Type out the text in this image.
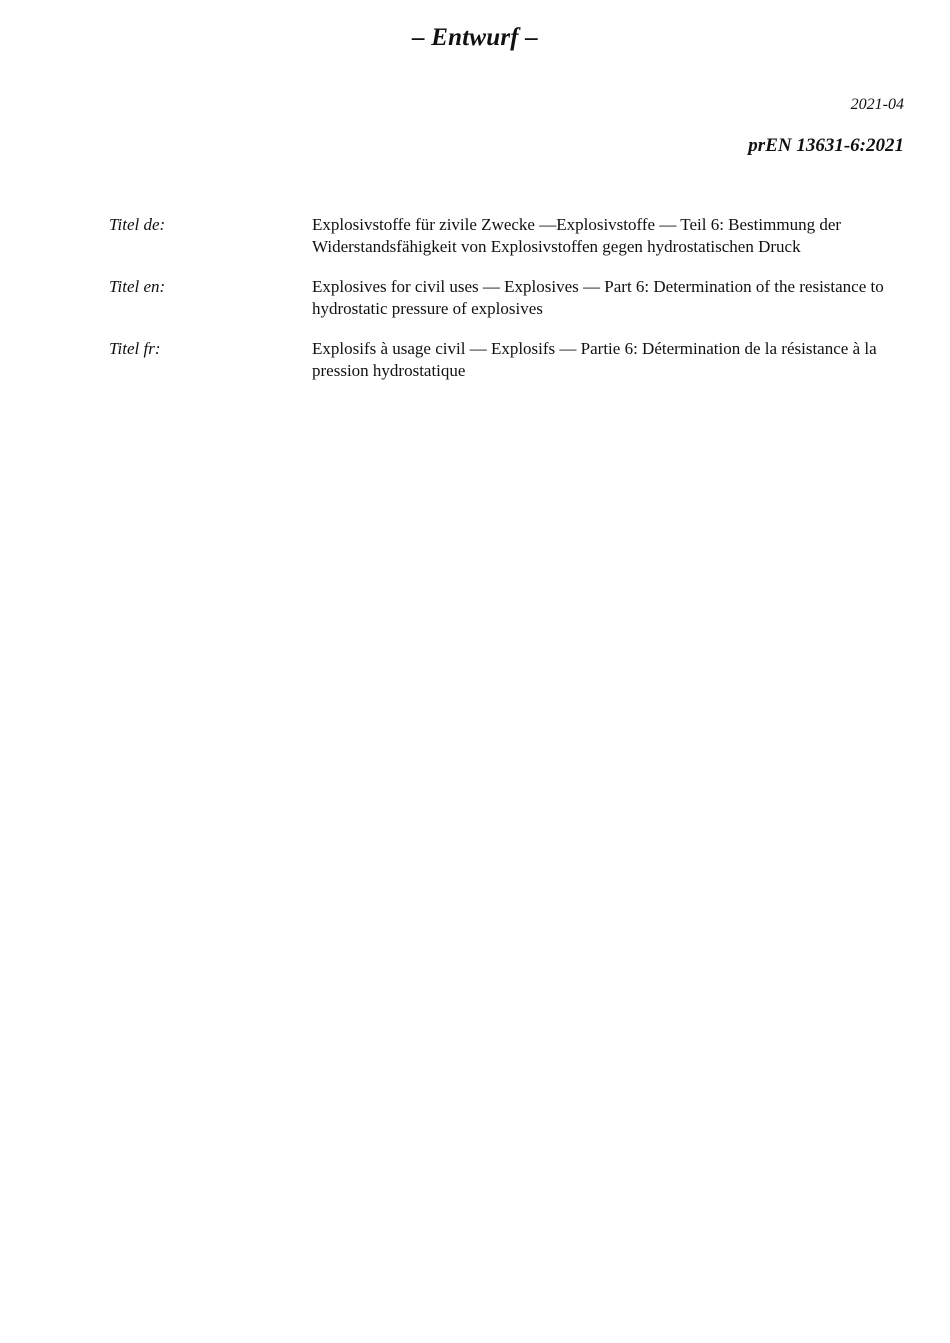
– Entwurf –
2021-04
prEN 13631-6:2021
Titel de:	Explosivstoffe für zivile Zwecke —Explosivstoffe — Teil 6: Bestimmung der Widerstandsfähigkeit von Explosivstoffen gegen hydrostatischen Druck
Titel en:	Explosives for civil uses — Explosives — Part 6: Determination of the resistance to hydrostatic pressure of explosives
Titel fr:	Explosifs à usage civil — Explosifs — Partie 6: Détermination de la résistance à la pression hydrostatique
